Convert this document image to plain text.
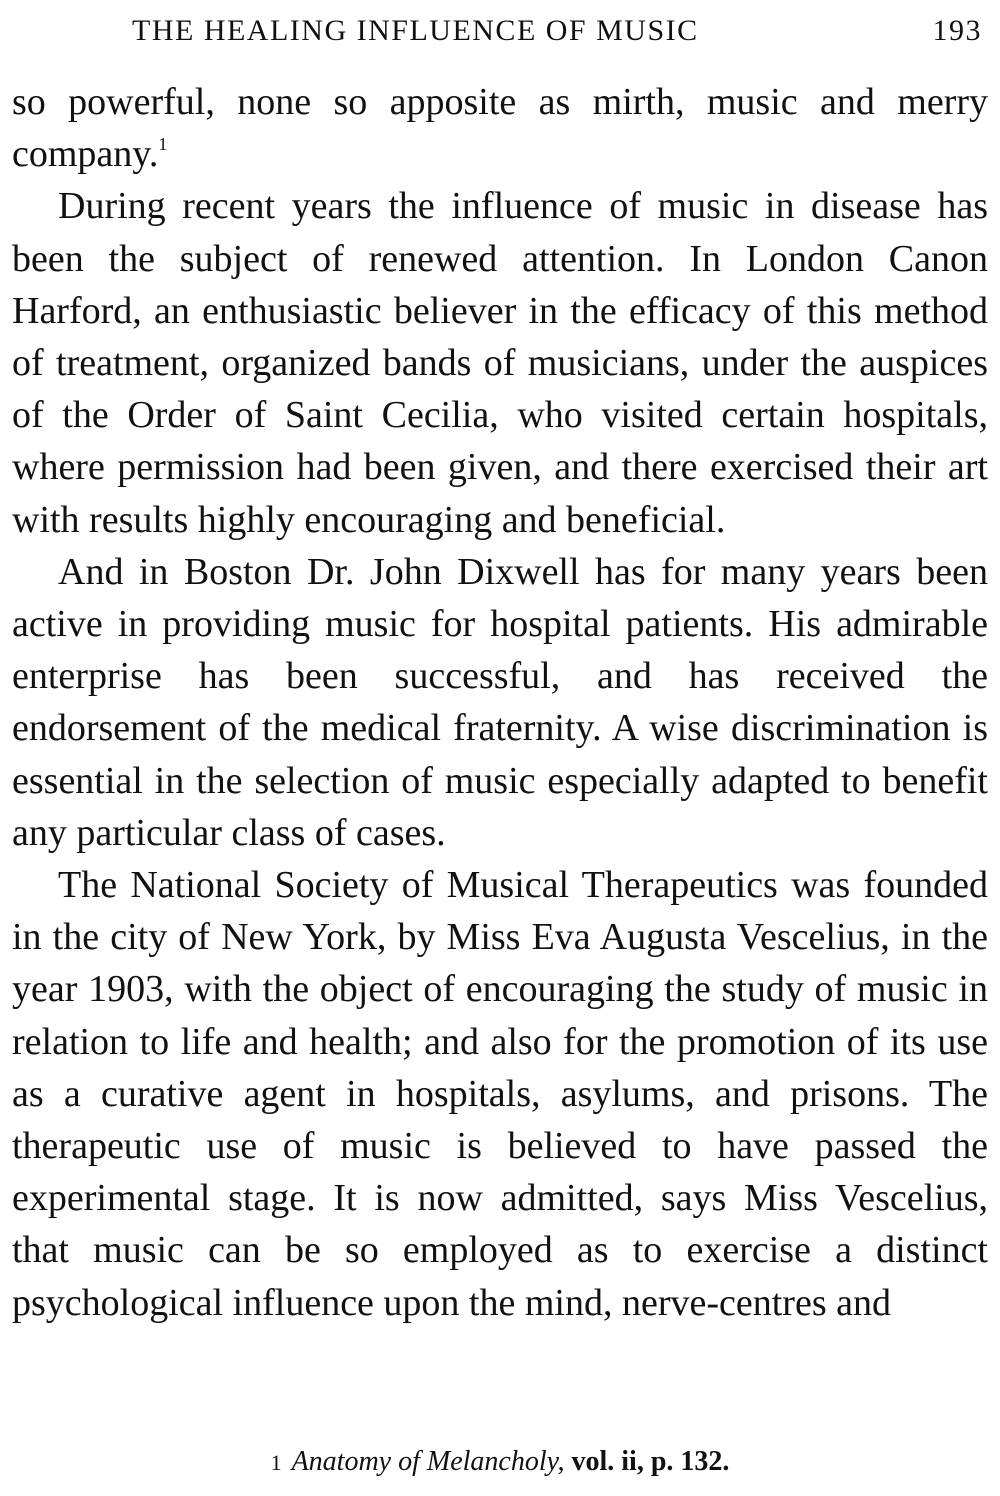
THE HEALING INFLUENCE OF MUSIC	193

so powerful, none so apposite as mirth, music and merry company.$^1$

During recent years the influence of music in disease has been the subject of renewed attention. In London Canon Harford, an enthusiastic believer in the efficacy of this method of treatment, organized bands of musicians, under the auspices of the Order of Saint Cecilia, who visited certain hospitals, where permission had been given, and there exercised their art with results highly encouraging and beneficial.

And in Boston Dr. John Dixwell has for many years been active in providing music for hospital patients. His admirable enterprise has been successful, and has received the endorsement of the medical fraternity. A wise discrimination is essential in the selection of music especially adapted to benefit any particular class of cases.

The National Society of Musical Therapeutics was founded in the city of New York, by Miss Eva Augusta Vescelius, in the year 1903, with the object of encouraging the study of music in relation to life and health; and also for the promotion of its use as a curative agent in hospitals, asylums, and prisons. The therapeutic use of music is believed to have passed the experimental stage. It is now admitted, says Miss Vescelius, that music can be so employed as to exercise a distinct psychological influence upon the mind, nerve-centres and

1 Anatomy of Melancholy, vol. ii, p. 132.
